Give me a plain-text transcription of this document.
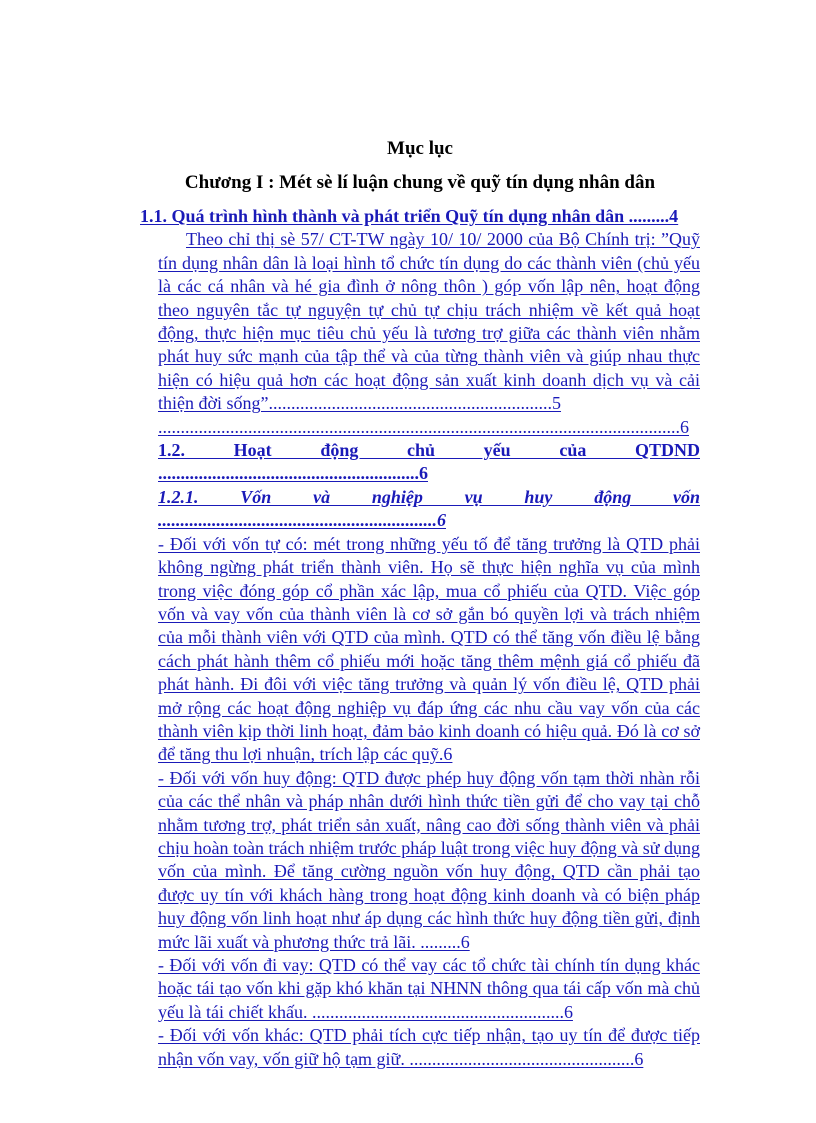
Mục lục
Chương I : Mét sè lí luận chung về quỹ tín dụng nhân dân
1.1. Quá trình hình thành và phát triển Quỹ tín dụng nhân dân .........4
Theo chỉ thị sè 57/ CT-TW ngày 10/ 10/ 2000 của Bộ Chính trị: ”Quỹ tín dụng nhân dân là loại hình tổ chức tín dụng do các thành viên (chủ yếu là các cá nhân và hé gia đình ở nông thôn ) góp vốn lập nên, hoạt động theo nguyên tắc tự nguyện tự chủ tự chịu trách nhiệm về kết quả hoạt động, thực hiện mục tiêu chủ yếu là tương trợ giữa các thành viên nhằm phát huy sức mạnh của tập thể và của từng thành viên và giúp nhau thực hiện có hiệu quả hơn các hoạt động sản xuất kinh doanh dịch vụ và cải thiện đời sống”...............................................................5
....................................................................................................................6
1.2. Hoạt động chủ yếu của QTDND ..........................................................6
1.2.1. Vốn và nghiệp vụ huy động vốn ..............................................................6
- Đối với vốn tự có: mét trong những yếu tố để tăng trưởng là QTD phải không ngừng phát triển thành viên. Họ sẽ thực hiện nghĩa vụ của mình trong việc đóng góp cổ phần xác lập, mua cổ phiếu của QTD. Việc góp vốn và vay vốn của thành viên là cơ sở gắn bó quyền lợi và trách nhiệm của mỗi thành viên với QTD của mình. QTD có thể tăng vốn điều lệ bằng cách phát hành thêm cổ phiếu mới hoặc tăng thêm mệnh giá cổ phiếu đã phát hành. Đi đôi với việc tăng trưởng và quản lý vốn điều lệ, QTD phải mở rộng các hoạt động nghiệp vụ đáp ứng các nhu cầu vay vốn của các thành viên kịp thời linh hoạt, đảm bảo kinh doanh có hiệu quả. Đó là cơ sở để tăng thu lợi nhuận, trích lập các quỹ.6
- Đối với vốn huy động: QTD được phép huy động vốn tạm thời nhàn rỗi của các thể nhân và pháp nhân dưới hình thức tiền gửi để cho vay tại chỗ nhằm tương trợ, phát triển sản xuất, nâng cao đời sống thành viên và phải chịu hoàn toàn trách nhiệm trước pháp luật trong việc huy động và sử dụng vốn của mình. Để tăng cường nguồn vốn huy động, QTD cần phải tạo được uy tín với khách hàng trong hoạt động kinh doanh và có biện pháp huy động vốn linh hoạt như áp dụng các hình thức huy động tiền gửi, định mức lãi xuất và phương thức trả lãi. .........6
- Đối với vốn đi vay: QTD có thể vay các tổ chức tài chính tín dụng khác hoặc tái tạo vốn khi gặp khó khăn tại NHNN thông qua tái cấp vốn mà chủ yếu là tái chiết khấu. ........................................................6
- Đối với vốn khác: QTD phải tích cực tiếp nhận, tạo uy tín để được tiếp nhận vốn vay, vốn giữ hộ tạm giữ. ..................................................6
